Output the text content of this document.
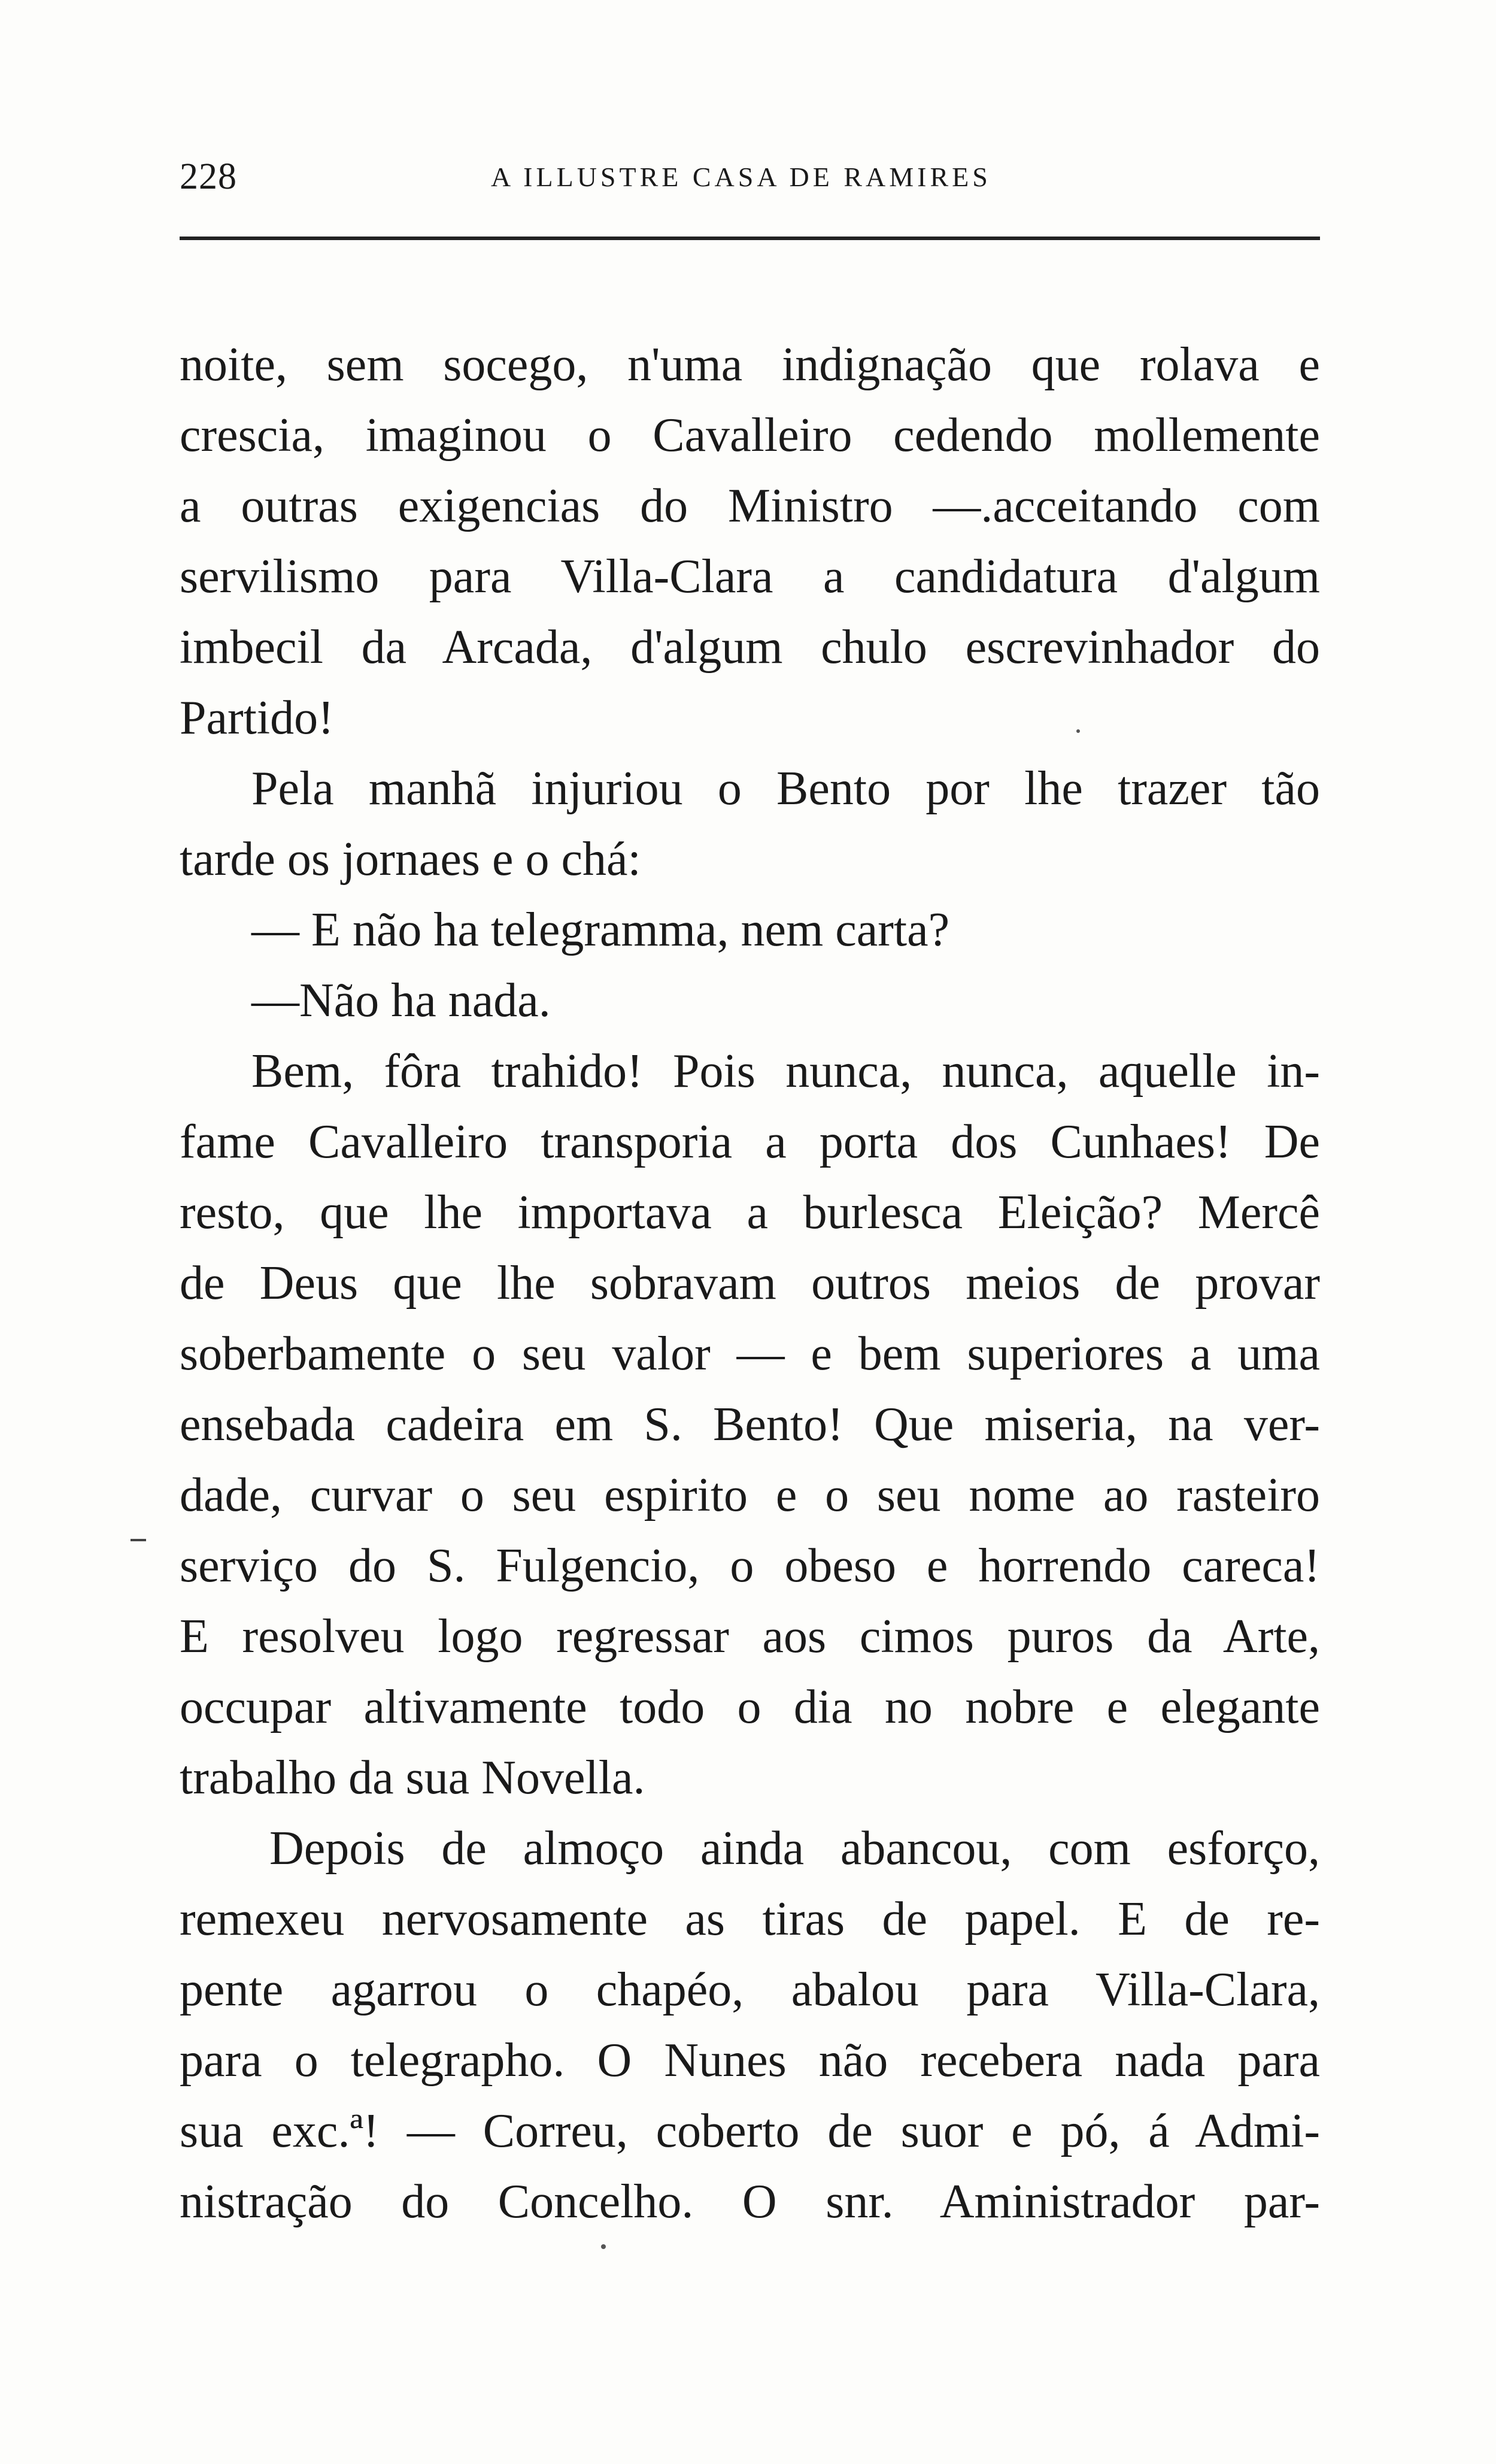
228	A ILLUSTRE CASA DE RAMIRES
noite, sem socego, n'uma indignação que rolava e
crescia, imaginou o Cavalleiro cedendo mollemente
a outras exigencias do Ministro —.acceitando com
servilismo para Villa-Clara a candidatura d'algum
imbecil da Arcada, d'algum chulo escrevinhador do
Partido!
Pela manhã injuriou o Bento por lhe trazer tão
tarde os jornaes e o chá:
— E não ha telegramma, nem carta?
—Não ha nada.
Bem, fôra trahido! Pois nunca, nunca, aquelle in-
fame Cavalleiro transporia a porta dos Cunhaes! De
resto, que lhe importava a burlesca Eleição? Mercê
de Deus que lhe sobravam outros meios de provar
soberbamente o seu valor — e bem superiores a uma
ensebada cadeira em S. Bento! Que miseria, na ver-
dade, curvar o seu espirito e o seu nome ao rasteiro
serviço do S. Fulgencio, o obeso e horrendo careca!
E resolveu logo regressar aos cimos puros da Arte,
occupar altivamente todo o dia no nobre e elegante
trabalho da sua Novella.
Depois de almoço ainda abancou, com esforço,
remexeu nervosamente as tiras de papel. E de re-
pente agarrou o chapéo, abalou para Villa-Clara,
para o telegrapho. O Nunes não recebera nada para
sua exc.ª! — Correu, coberto de suor e pó, á Admi-
nistração do Concelho. O snr. Aministrador par-
